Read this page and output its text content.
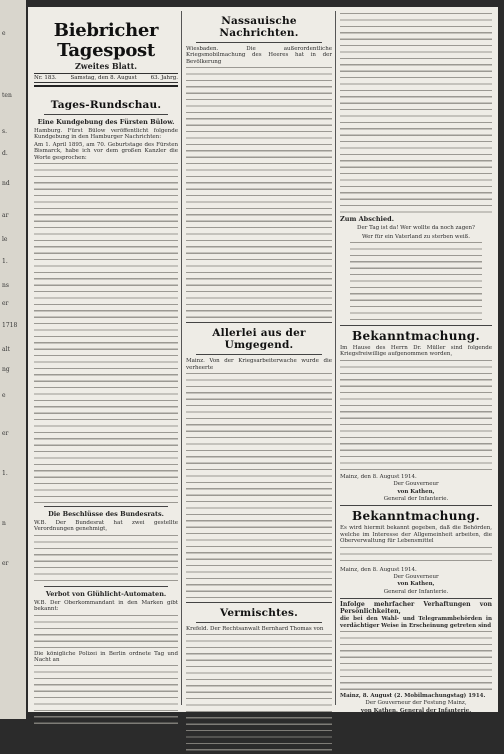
e
ten
s.
d.
nd
ar
le
1.
ns
er
1718
alt
ng
e
er
1.
n
er
Biebricher Tagespost
Zweites Blatt.
Nr. 183.	Samstag, den 8. August	63. Jahrg.
Tages-Rundschau.
Eine Kundgebung des Fürsten Bülow.
Hamburg. Fürst Bülow veröffentlicht folgende Kundgebung in den Hamburger Nachrichten:
Am 1. April 1895, am 70. Geburtstage des Fürsten Bismarck, habe ich vor dem großen Kanzler die Worte gesprochen:
Die Beschlüsse des Bundesrats.
W.B. Der Bundesrat hat zwei gestellte Verordnungen genehmigt,
Verbot von Glühlicht-Automaten.
W.B. Der Oberkommandant in den Marken gibt bekannt:
Die königliche Polizei in Berlin ordnete Tag und Nacht an
Nassauische Nachrichten.
Wiesbaden. Die außerordentliche Kriegsmobilmachung des Heeres hat in der Bevölkerung
Allerlei aus der Umgegend.
Mainz. Von der Kriegsarbeiterwache wurde die verheerte
Vermischtes.
Krefeld. Der Rechtsanwalt Bernhard Thomas von
Zum Abschied.
Der Tag ist da! Wer wollte da noch zagen?
Wer für ein Vaterland zu sterben weiß.
Bekanntmachung.
Im Hause des Herrn Dr. Müller sind folgende Kriegsfreiwillige aufgenommen worden,
Mainz, den 8. August 1914.
Der Gouverneur
von Kathen,
General der Infanterie.
Bekanntmachung.
Es wird hiermit bekannt gegeben, daß die Behörden, welche im Interesse der Allgemeinheit arbeiten, die Oberverwaltung für Lebensmittel
Mainz, den 8. August 1914.
Der Gouverneur
von Kathen,
General der Infanterie.
Infolge mehrfacher Verhaftungen von Persönlichkeiten,
die bei den Wahl- und Telegrammbehörden in verdächtiger Weise in Erscheinung getreten sind
Mainz, 8. August (2. Mobilmachungstag) 1914.
Der Gouverneur der Festung Mainz,
von Kathen, General der Infanterie.
